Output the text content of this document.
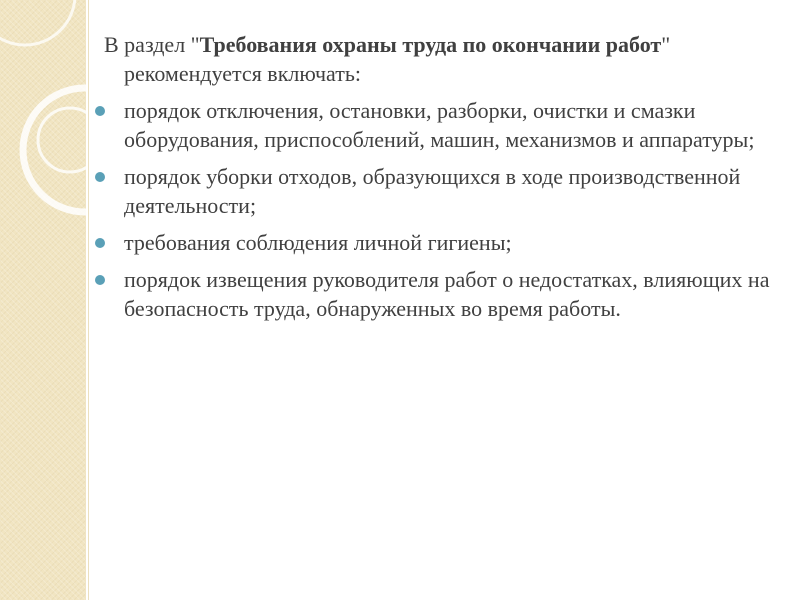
В раздел "Требования охраны труда по окончании работ" рекомендуется включать:

порядок отключения, остановки, разборки, очистки и смазки оборудования, приспособлений, машин, механизмов и аппаратуры;
порядок уборки отходов, образующихся в ходе производственной деятельности;
требования соблюдения личной гигиены;
порядок извещения руководителя работ о недостатках, влияющих на безопасность труда, обнаруженных во время работы.
